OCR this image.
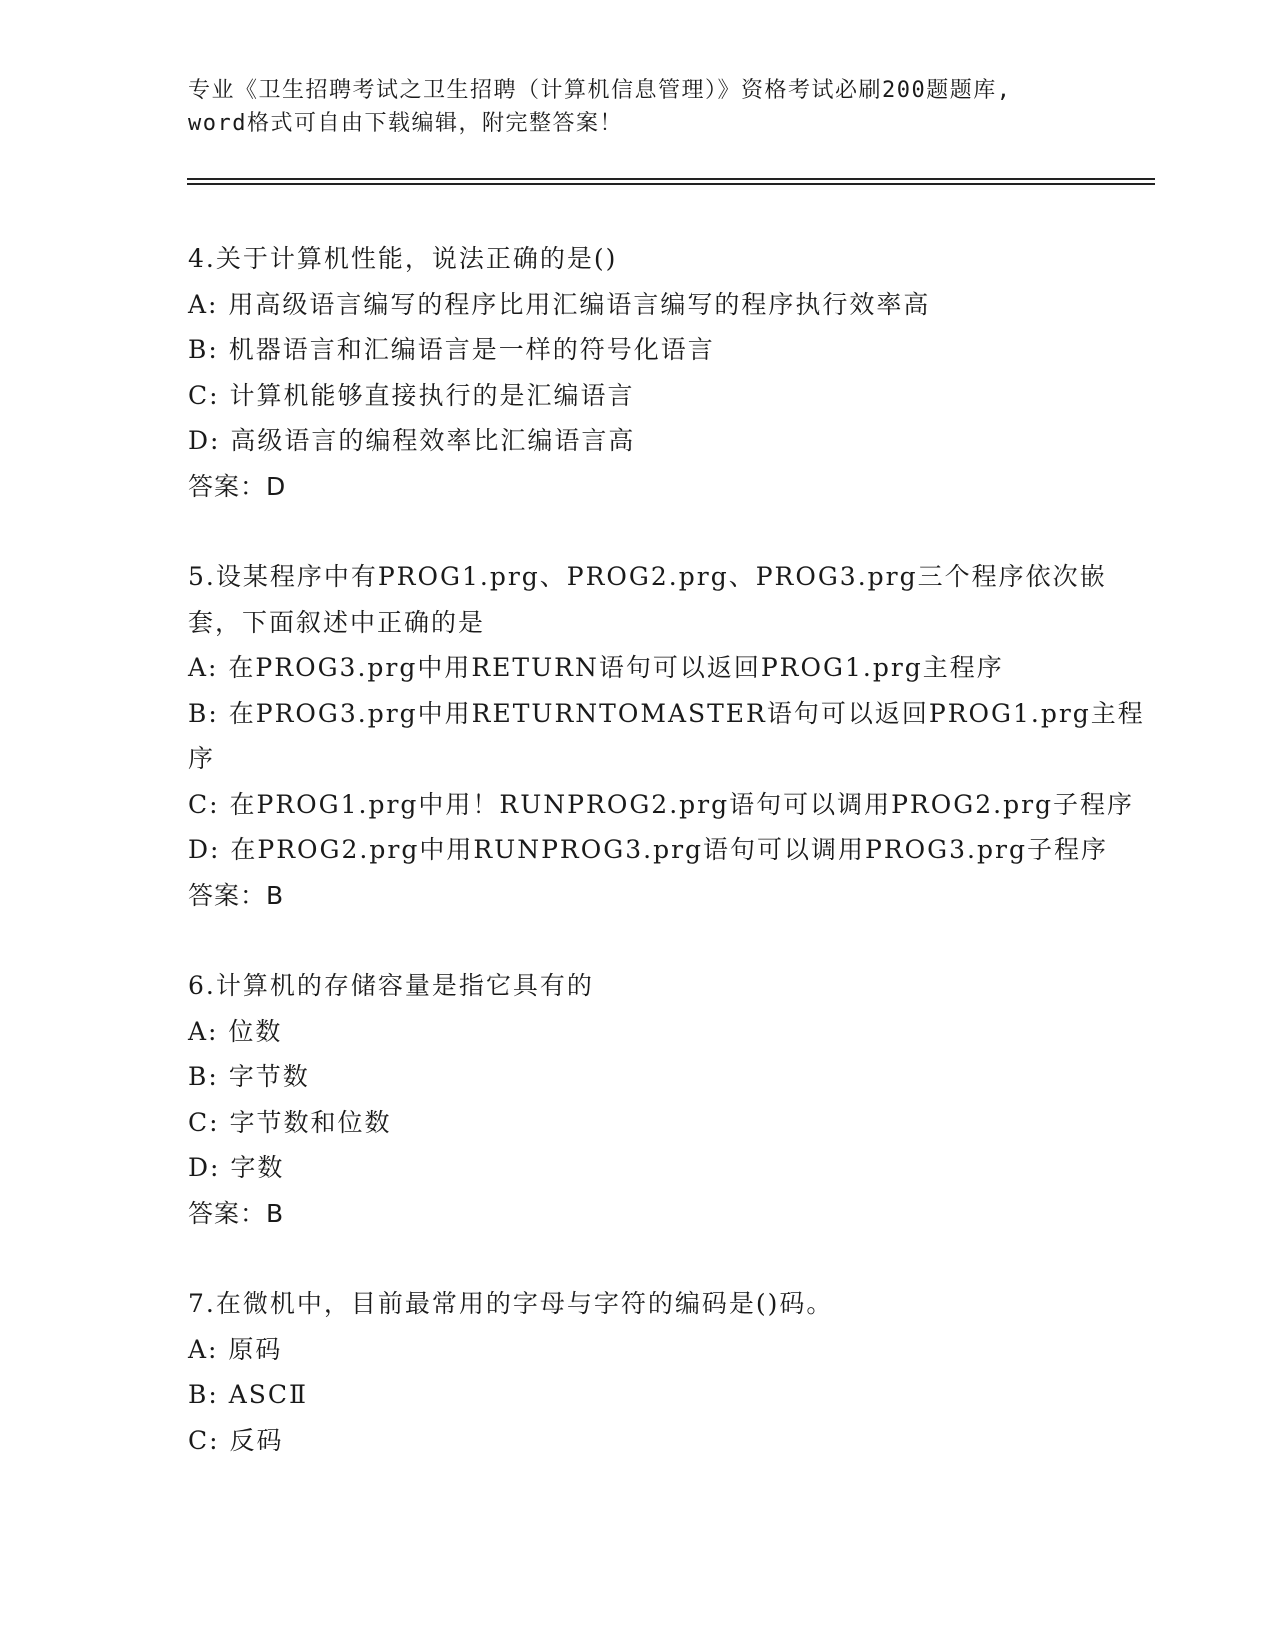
专业《卫生招聘考试之卫生招聘（计算机信息管理）》资格考试必刷200题题库,
word格式可自由下载编辑，附完整答案！
4.关于计算机性能，说法正确的是()
A: 用高级语言编写的程序比用汇编语言编写的程序执行效率高
B: 机器语言和汇编语言是一样的符号化语言
C: 计算机能够直接执行的是汇编语言
D: 高级语言的编程效率比汇编语言高
答案：D
5.设某程序中有PROG1.prg、PROG2.prg、PROG3.prg三个程序依次嵌
套，下面叙述中正确的是
A: 在PROG3.prg中用RETURN语句可以返回PROG1.prg主程序
B: 在PROG3.prg中用RETURNTOMASTER语句可以返回PROG1.prg主程
序
C: 在PROG1.prg中用！RUNPROG2.prg语句可以调用PROG2.prg子程序
D: 在PROG2.prg中用RUNPROG3.prg语句可以调用PROG3.prg子程序
答案：B
6.计算机的存储容量是指它具有的
A: 位数
B: 字节数
C: 字节数和位数
D: 字数
答案：B
7.在微机中，目前最常用的字母与字符的编码是()码。
A: 原码
B: ASCⅡ
C: 反码
